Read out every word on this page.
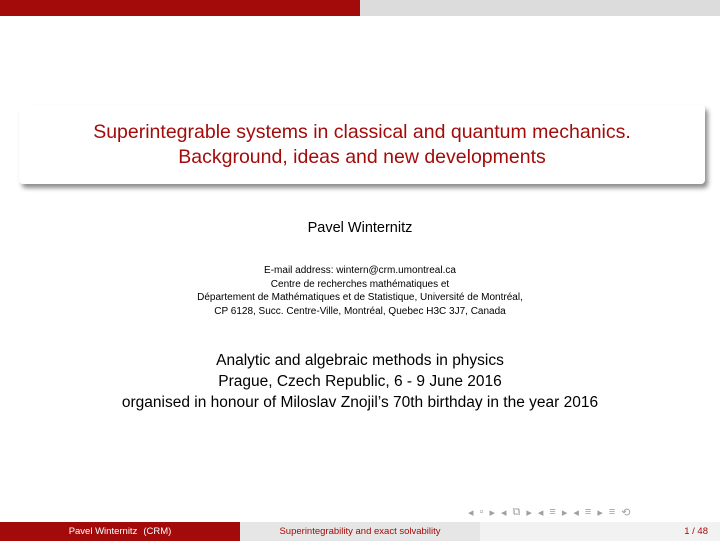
Superintegrable systems in classical and quantum mechanics.
Background, ideas and new developments
Pavel Winternitz
E-mail address: wintern@crm.umontreal.ca
Centre de recherches mathématiques et
Département de Mathématiques et de Statistique, Université de Montréal,
CP 6128, Succ. Centre-Ville, Montréal, Quebec H3C 3J7, Canada
Analytic and algebraic methods in physics
Prague, Czech Republic, 6 - 9 June 2016
organised in honour of Miloslav Znojil’s 70th birthday in the year 2016
◂ ▫ ▸ ◂ ⧉ ▸ ◂ ≡ ▸ ◂ ≡ ▸ ≡ ⟲
Pavel Winternitz (CRM)	Superintegrability and exact solvability	1 / 48
